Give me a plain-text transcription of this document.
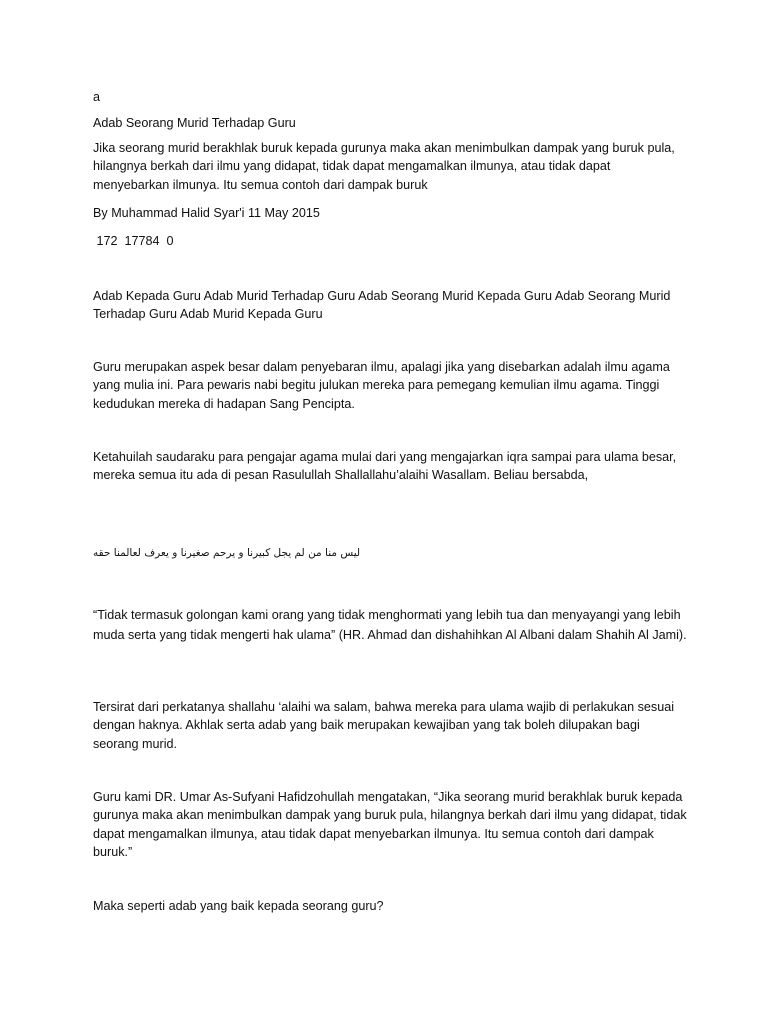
a

Adab Seorang Murid Terhadap Guru

Jika seorang murid berakhlak buruk kepada gurunya maka akan menimbulkan dampak yang buruk pula, hilangnya berkah dari ilmu yang didapat, tidak dapat mengamalkan ilmunya, atau tidak dapat menyebarkan ilmunya. Itu semua contoh dari dampak buruk

By Muhammad Halid Syar'i 11 May 2015

172  17784  0

Adab Kepada Guru Adab Murid Terhadap Guru Adab Seorang Murid Kepada Guru Adab Seorang Murid Terhadap Guru Adab Murid Kepada Guru

Guru merupakan aspek besar dalam penyebaran ilmu, apalagi jika yang disebarkan adalah ilmu agama yang mulia ini. Para pewaris nabi begitu julukan mereka para pemegang kemulian ilmu agama. Tinggi kedudukan mereka di hadapan Sang Pencipta.

Ketahuilah saudaraku para pengajar agama mulai dari yang mengajarkan iqra sampai para ulama besar, mereka semua itu ada di pesan Rasulullah Shallallahu’alaihi Wasallam. Beliau bersabda,

ليس منا من لم يجل كبيرنا و يرحم صغيرنا و يعرف لعالمنا حقه

“Tidak termasuk golongan kami orang yang tidak menghormati yang lebih tua dan menyayangi yang lebih muda serta yang tidak mengerti hak ulama” (HR. Ahmad dan dishahihkan Al Albani dalam Shahih Al Jami).

Tersirat dari perkatanya shallahu ‘alaihi wa salam, bahwa mereka para ulama wajib di perlakukan sesuai dengan haknya. Akhlak serta adab yang baik merupakan kewajiban yang tak boleh dilupakan bagi seorang murid.

Guru kami DR. Umar As-Sufyani Hafidzohullah mengatakan, “Jika seorang murid berakhlak buruk kepada gurunya maka akan menimbulkan dampak yang buruk pula, hilangnya berkah dari ilmu yang didapat, tidak dapat mengamalkan ilmunya, atau tidak dapat menyebarkan ilmunya. Itu semua contoh dari dampak buruk.”

Maka seperti adab yang baik kepada seorang guru?
